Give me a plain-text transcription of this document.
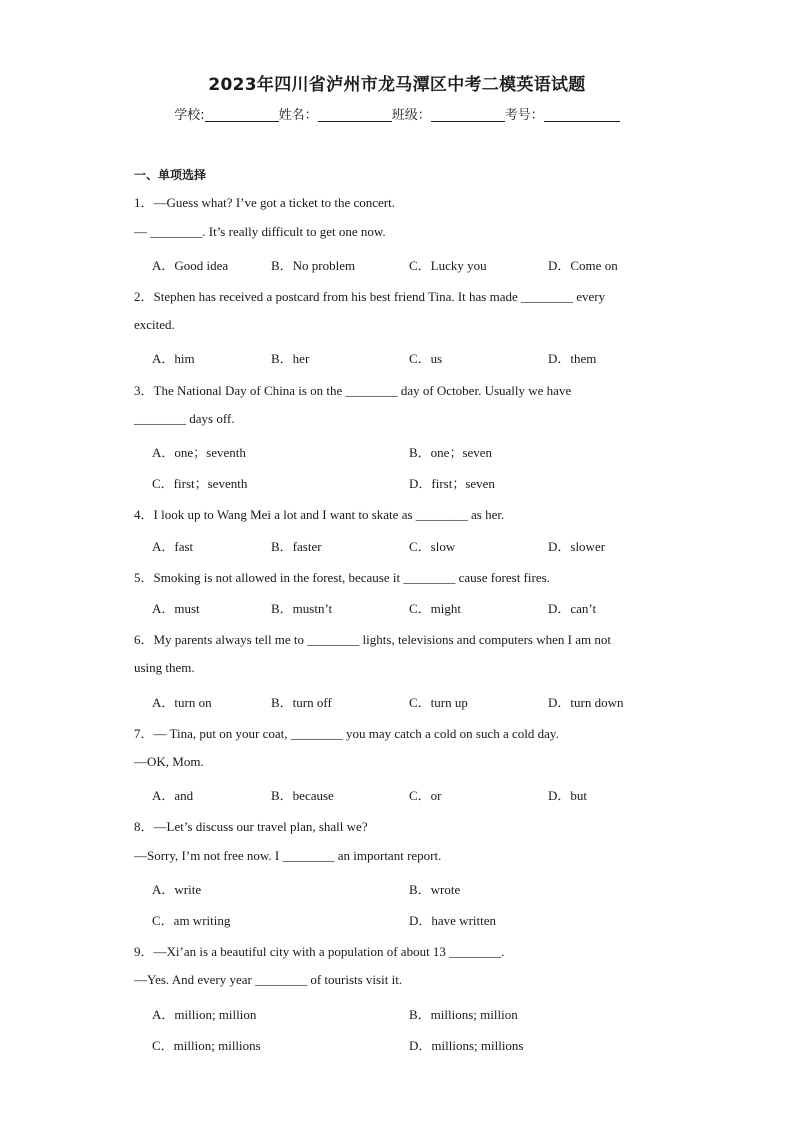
2023年四川省泸州市龙马潭区中考二模英语试题
学校:	姓名：	班级：	考号：
一、单项选择
1．—Guess what? I’ve got a ticket to the concert.
— ________. It’s really difficult to get one now.
A．Good idea	B．No problem	C．Lucky you	D．Come on
2．Stephen has received a postcard from his best friend Tina. It has made ________ every
excited.
A．him	B．her	C．us	D．them
3．The National Day of China is on the ________ day of October. Usually we have
________ days off.
A．one；seventh	B．one；seven
C．first；seventh	D．first；seven
4．I look up to Wang Mei a lot and I want to skate as ________ as her.
A．fast	B．faster	C．slow	D．slower
5．Smoking is not allowed in the forest, because it ________ cause forest fires.
A．must	B．mustn’t	C．might	D．can’t
6．My parents always tell me to ________ lights, televisions and computers when I am not
using them.
A．turn on	B．turn off	C．turn up	D．turn down
7．— Tina, put on your coat, ________ you may catch a cold on such a cold day.
—OK, Mom.
A．and	B．because	C．or	D．but
8．—Let’s discuss our travel plan, shall we?
—Sorry, I’m not free now. I ________ an important report.
A．write	B．wrote
C．am writing	D．have written
9．—Xi’an is a beautiful city with a population of about 13 ________.
—Yes. And every year ________ of tourists visit it.
A．million; million	B．millions; million
C．million; millions	D．millions; millions
